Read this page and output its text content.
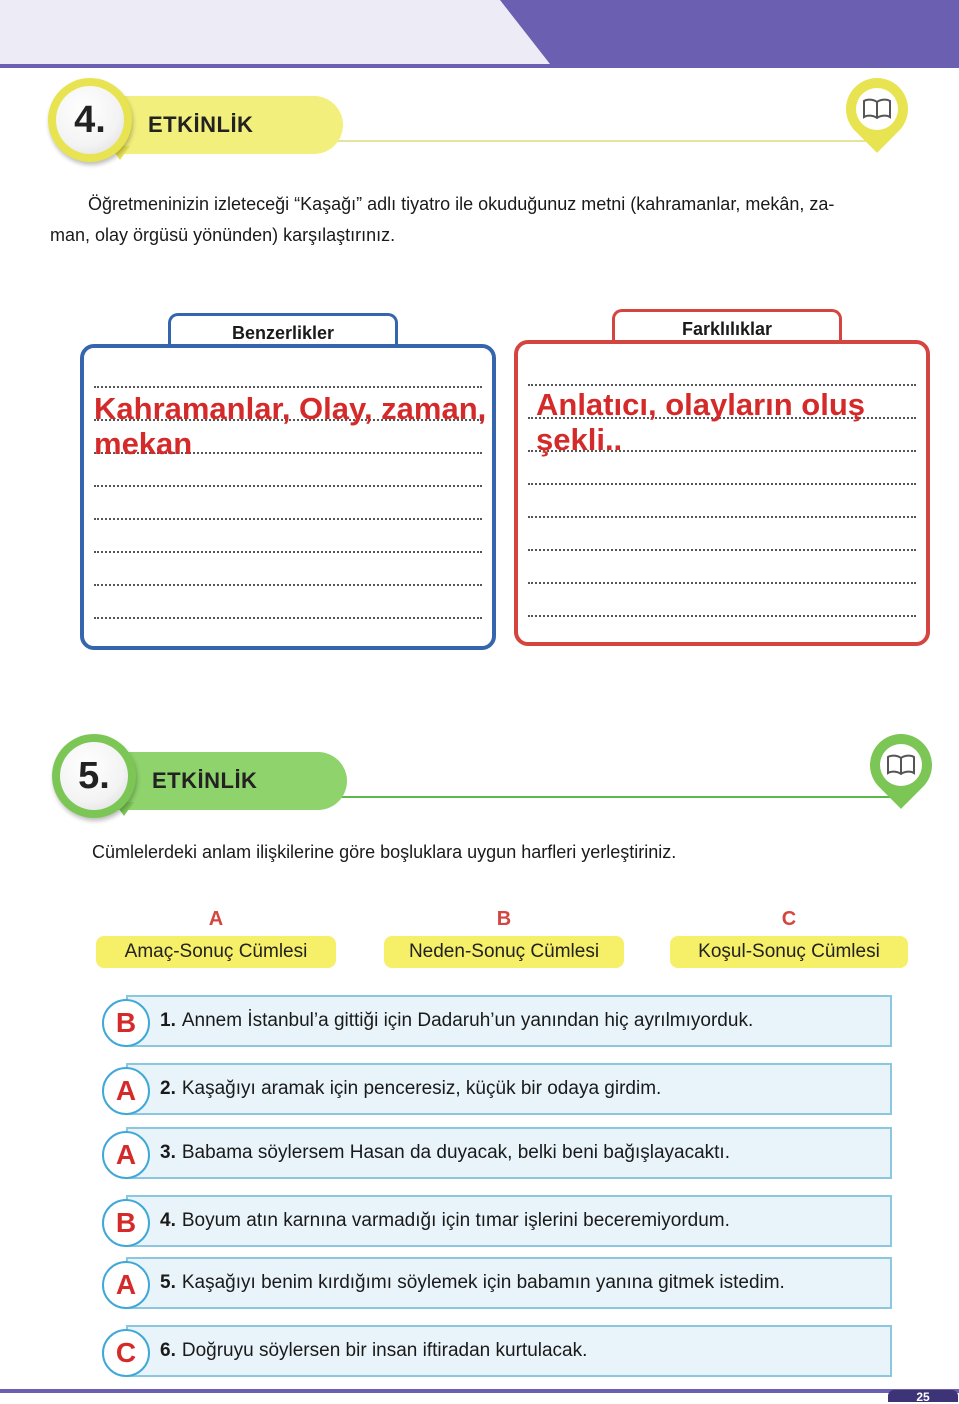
4.	ETKİNLİK
Öğretmeninizin izleteceği “Kaşağı” adlı tiyatro ile okuduğunuz metni (kahramanlar, mekân, za-
man, olay örgüsü yönünden) karşılaştırınız.
Benzerlikler
Kahramanlar, Olay, zaman,
mekan
Farklılıklar
Anlatıcı, olayların oluş
şekli..
5.	ETKİNLİK
Cümlelerdeki anlam ilişkilerine göre boşluklara uygun harfleri yerleştiriniz.
A
Amaç-Sonuç Cümlesi
B
Neden-Sonuç Cümlesi
C
Koşul-Sonuç Cümlesi
B	1. Annem İstanbul’a gittiği için Dadaruh’un yanından hiç ayrılmıyorduk.
A	2. Kaşağıyı aramak için penceresiz, küçük bir odaya girdim.
A	3. Babama söylersem Hasan da duyacak, belki beni bağışlayacaktı.
B	4. Boyum atın karnına varmadığı için tımar işlerini beceremiyordum.
A	5. Kaşağıyı benim kırdığımı söylemek için babamın yanına gitmek istedim.
C	6. Doğruyu söylersen bir insan iftiradan kurtulacak.
25
